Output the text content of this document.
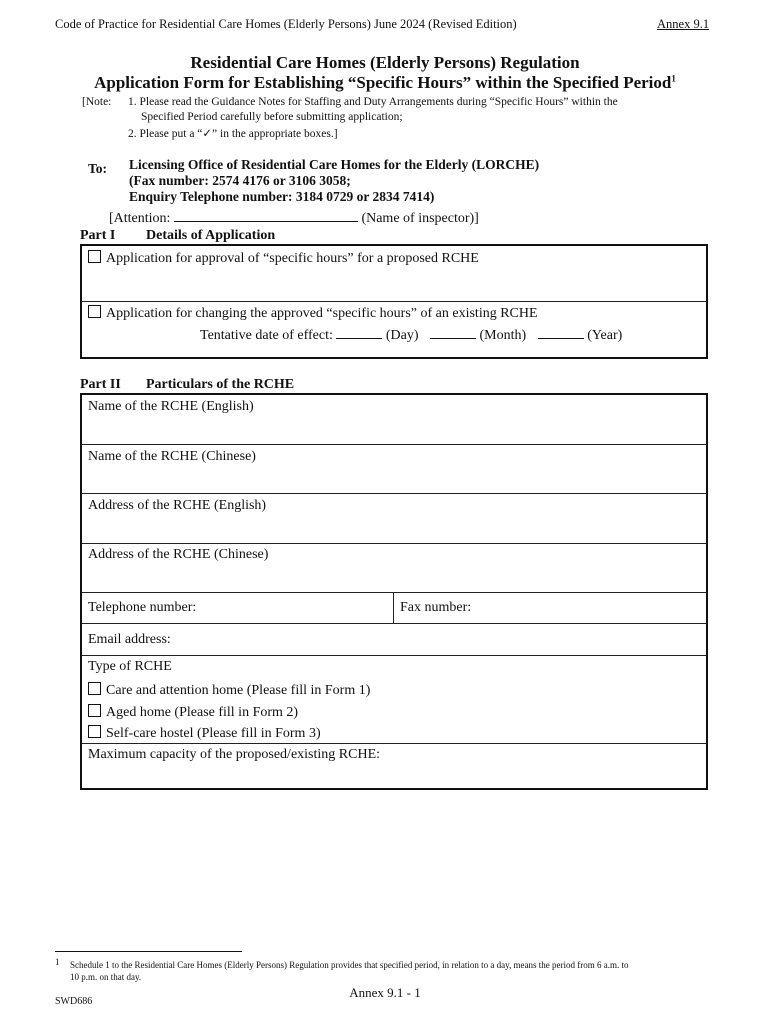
Code of Practice for Residential Care Homes (Elderly Persons) June 2024 (Revised Edition)	Annex 9.1
Residential Care Homes (Elderly Persons) Regulation
Application Form for Establishing “Specific Hours” within the Specified Period$^1$
[Note: 1. Please read the Guidance Notes for Staffing and Duty Arrangements during “Specific Hours” within the
Specified Period carefully before submitting application;
2. Please put a “✓” in the appropriate boxes.]
To: Licensing Office of Residential Care Homes for the Elderly (LORCHE)
(Fax number: 2574 4176 or 3106 3058;
Enquiry Telephone number: 3184 0729 or 2834 7414)
[Attention:	(Name of inspector)]
Part I Details of Application
Application for approval of “specific hours” for a proposed RCHE
Application for changing the approved “specific hours” of an existing RCHE
Tentative date of effect:	(Day)	(Month)	(Year)
Part II Particulars of the RCHE
Name of the RCHE (English)
Name of the RCHE (Chinese)
Address of the RCHE (English)
Address of the RCHE (Chinese)
Telephone number:	Fax number:
Email address:
Type of RCHE
Care and attention home (Please fill in Form 1)
Aged home (Please fill in Form 2)
Self-care hostel (Please fill in Form 3)
Maximum capacity of the proposed/existing RCHE:
1 Schedule 1 to the Residential Care Homes (Elderly Persons) Regulation provides that specified period, in relation to a day, means the period from 6 a.m. to
10 p.m. on that day.
Annex 9.1 - 1
SWD686
